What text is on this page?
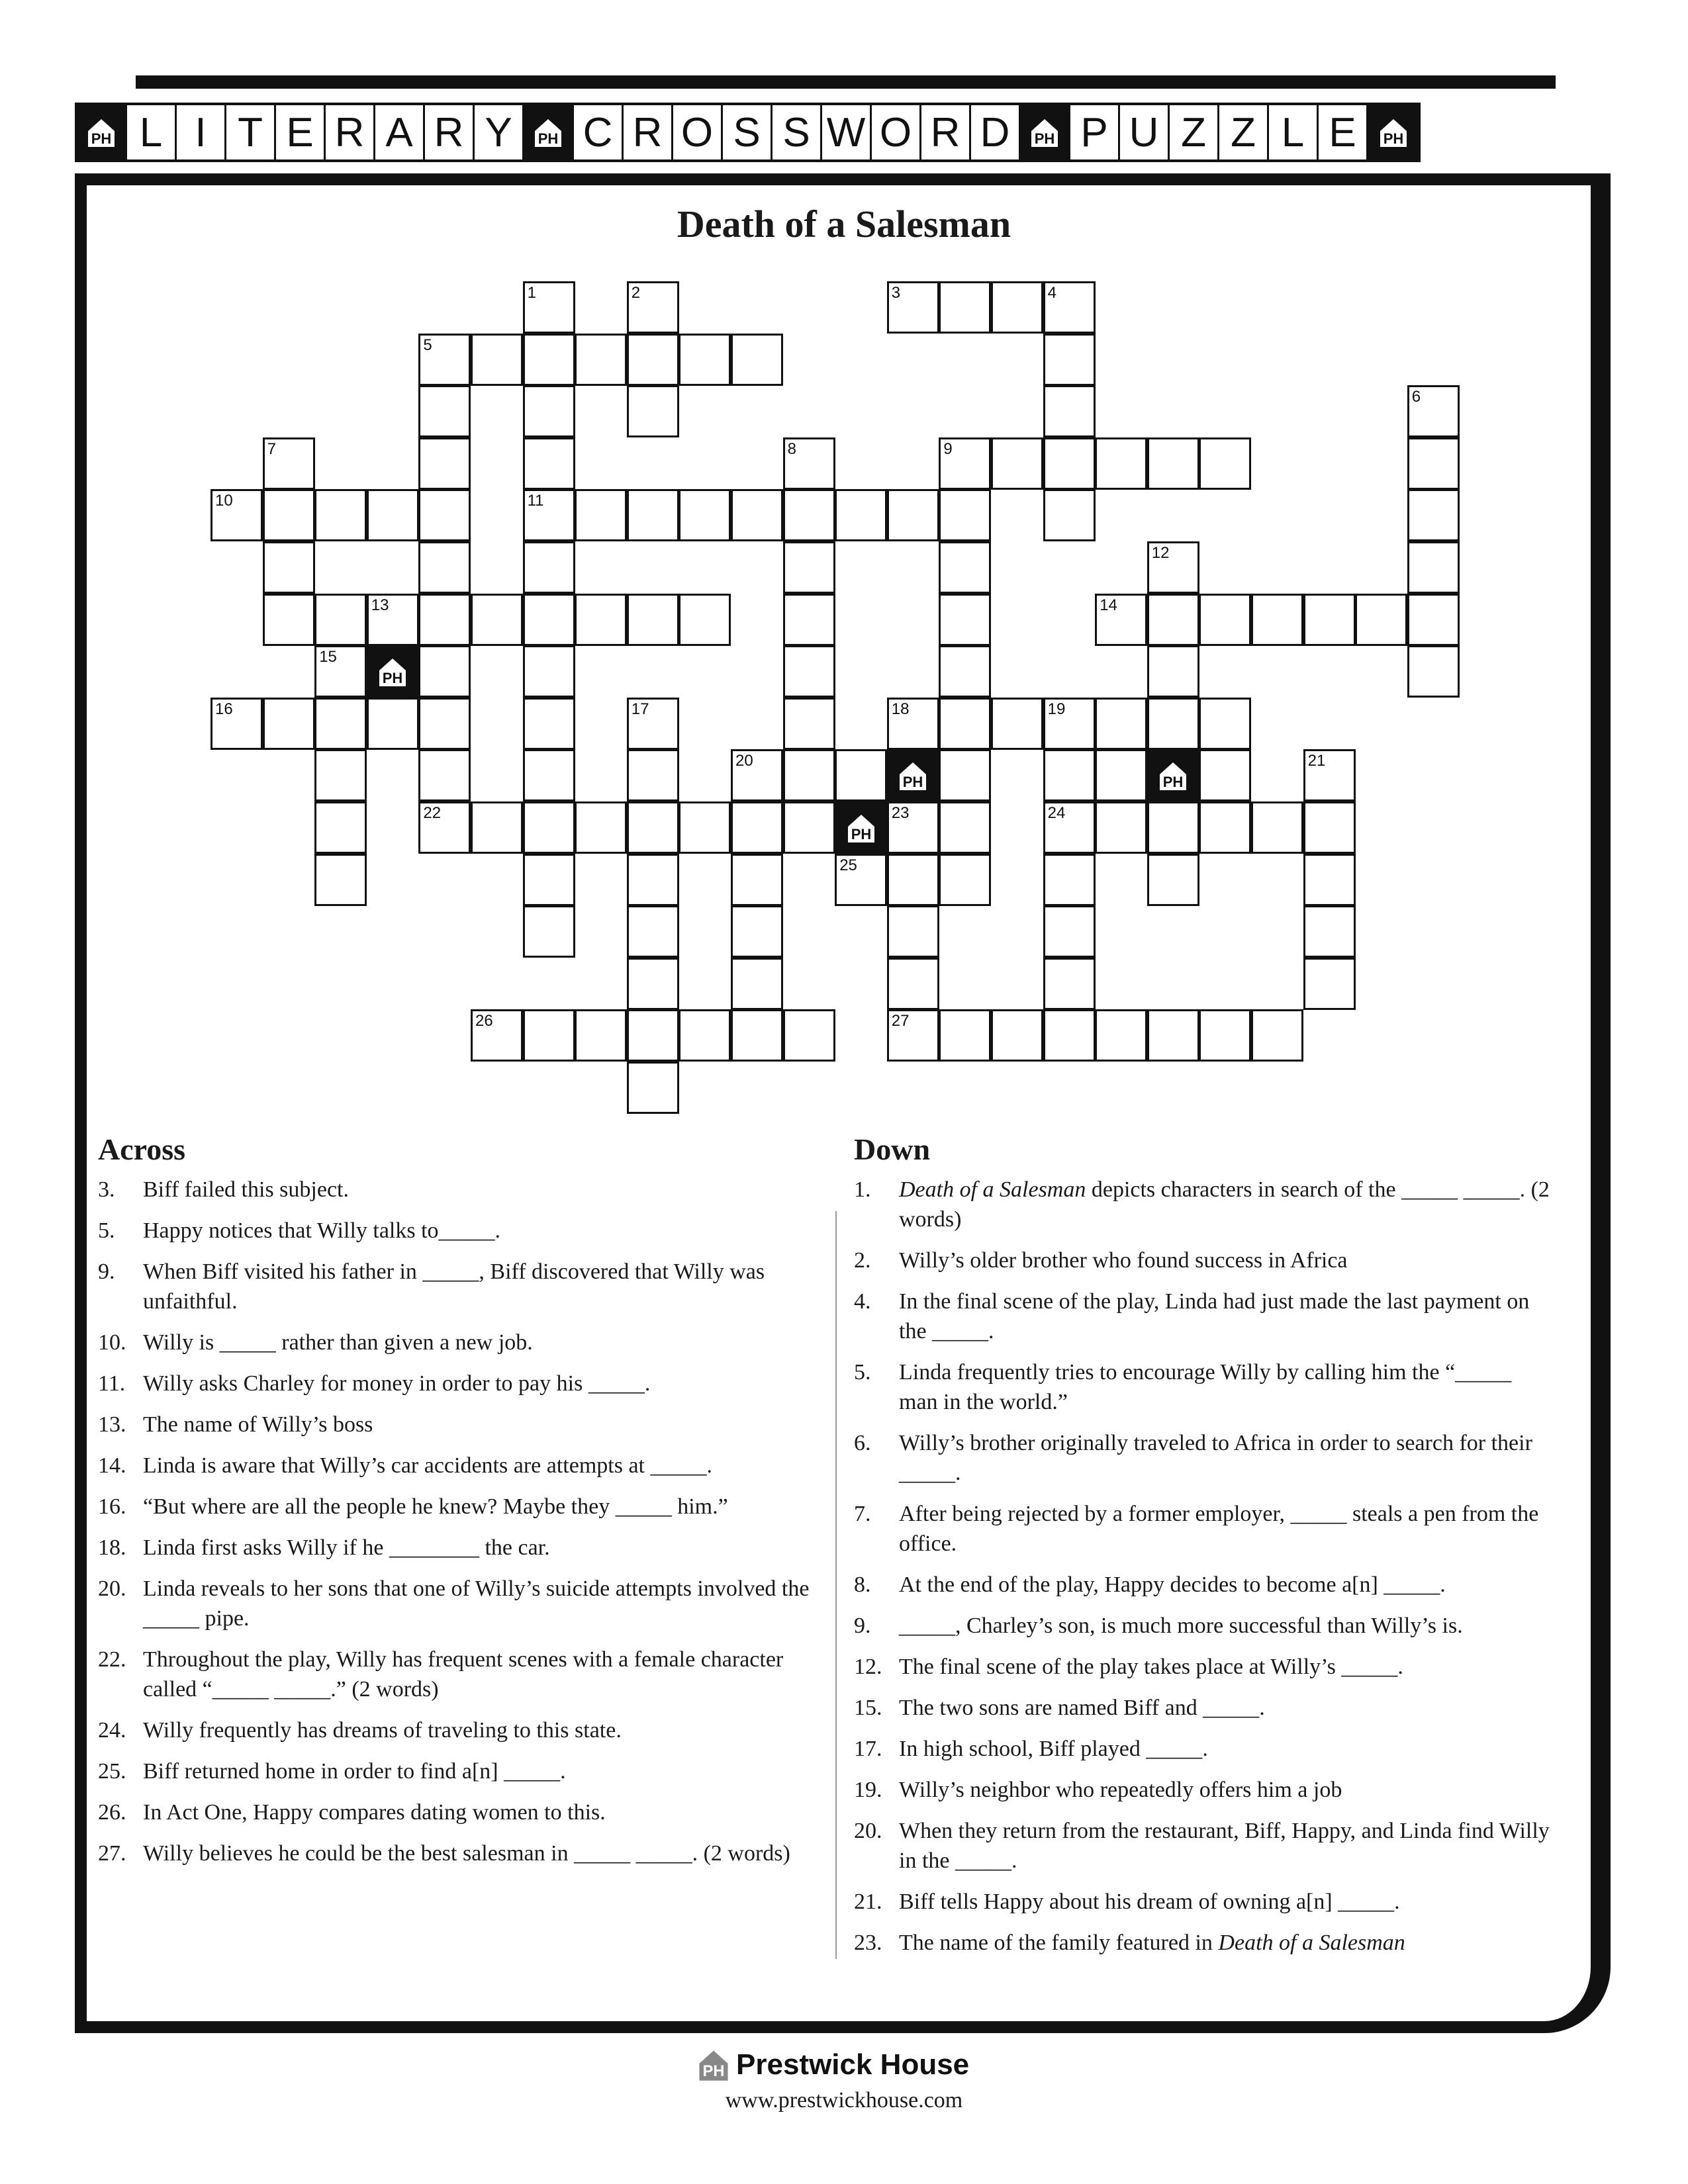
PH L I T E R A R Y	PH C R O S S W O R D	PH P U Z Z L E	PH
Death of a Salesman
1	2	3	4
5
6
7	8	9
10	11
12
13	14
15
PH
16	17	18	19
20
PH	PH
21
22
PH
23	24
25
26	27
Across
3. Biff failed this subject.
5. Happy notices that Willy talks to_____.
9. When Biff visited his father in _____, Biff discovered that Willy was unfaithful.
10. Willy is _____ rather than given a new job.
11. Willy asks Charley for money in order to pay his _____.
13. The name of Willy’s boss
14. Linda is aware that Willy’s car accidents are attempts at _____.
16. “But where are all the people he knew? Maybe they _____ him.”
18. Linda first asks Willy if he ________ the car.
20. Linda reveals to her sons that one of Willy’s suicide attempts involved the _____ pipe.
22. Throughout the play, Willy has frequent scenes with a female character called “_____ _____.” (2 words)
24. Willy frequently has dreams of traveling to this state.
25. Biff returned home in order to find a[n] _____.
26. In Act One, Happy compares dating women to this.
27. Willy believes he could be the best salesman in _____ _____. (2 words)
Down
1. Death of a Salesman depicts characters in search of the _____ _____. (2 words)
2. Willy’s older brother who found success in Africa
4. In the final scene of the play, Linda had just made the last payment on the _____.
5. Linda frequently tries to encourage Willy by calling him the “_____ man in the world.”
6. Willy’s brother originally traveled to Africa in order to search for their _____.
7. After being rejected by a former employer, _____ steals a pen from the office.
8. At the end of the play, Happy decides to become a[n] _____.
9. _____, Charley’s son, is much more successful than Willy’s is.
12. The final scene of the play takes place at Willy’s _____.
15. The two sons are named Biff and _____.
17. In high school, Biff played _____.
19. Willy’s neighbor who repeatedly offers him a job
20. When they return from the restaurant, Biff, Happy, and Linda find Willy in the _____.
21. Biff tells Happy about his dream of owning a[n] _____.
23. The name of the family featured in Death of a Salesman
PH Prestwick House
www.prestwickhouse.com
